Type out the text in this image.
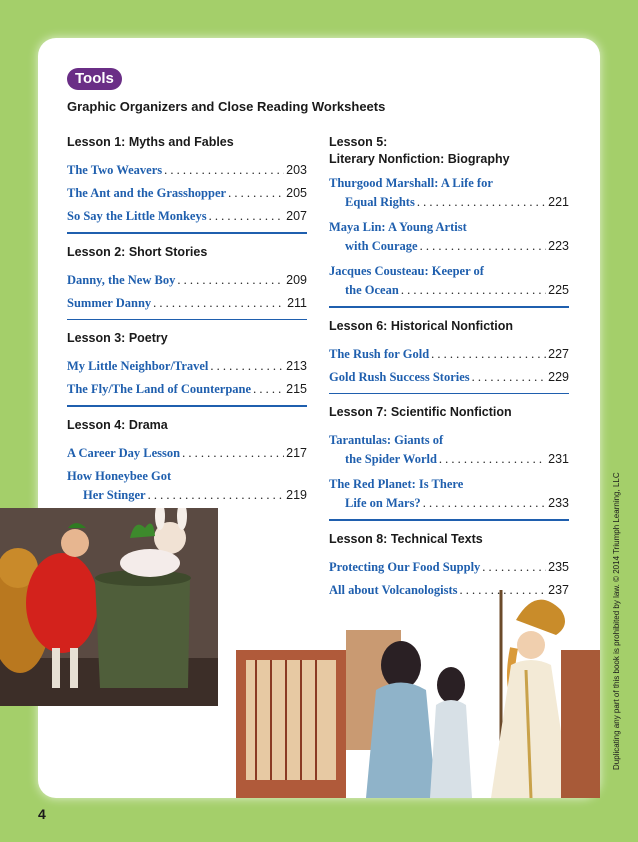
Tools
Graphic Organizers and Close Reading Worksheets
Lesson 1: Myths and Fables
The Two Weavers . . .	203
The Ant and the Grasshopper . . .	205
So Say the Little Monkeys . . .	207
Lesson 2: Short Stories
Danny, the New Boy . . .	209
Summer Danny . . .	211
Lesson 3: Poetry
My Little Neighbor/Travel . . .	213
The Fly/The Land of Counterpane . . .	215
Lesson 4: Drama
A Career Day Lesson . . .	217
How Honeybee Got
Her Stinger . . .	219
Lesson 5:
Literary Nonfiction: Biography
Thurgood Marshall: A Life for
Equal Rights . . .	221
Maya Lin: A Young Artist
with Courage . . .	223
Jacques Cousteau: Keeper of
the Ocean . . .	225
Lesson 6: Historical Nonfiction
The Rush for Gold . . .	227
Gold Rush Success Stories . . .	229
Lesson 7: Scientific Nonfiction
Tarantulas: Giants of
the Spider World . . .	231
The Red Planet: Is There
Life on Mars? . . .	233
Lesson 8: Technical Texts
Protecting Our Food Supply . . .	235
All about Volcanologists . . .	237	Duplicating any part of this book is prohibited by law. © 2014 Triumph Learning, LLC
4
